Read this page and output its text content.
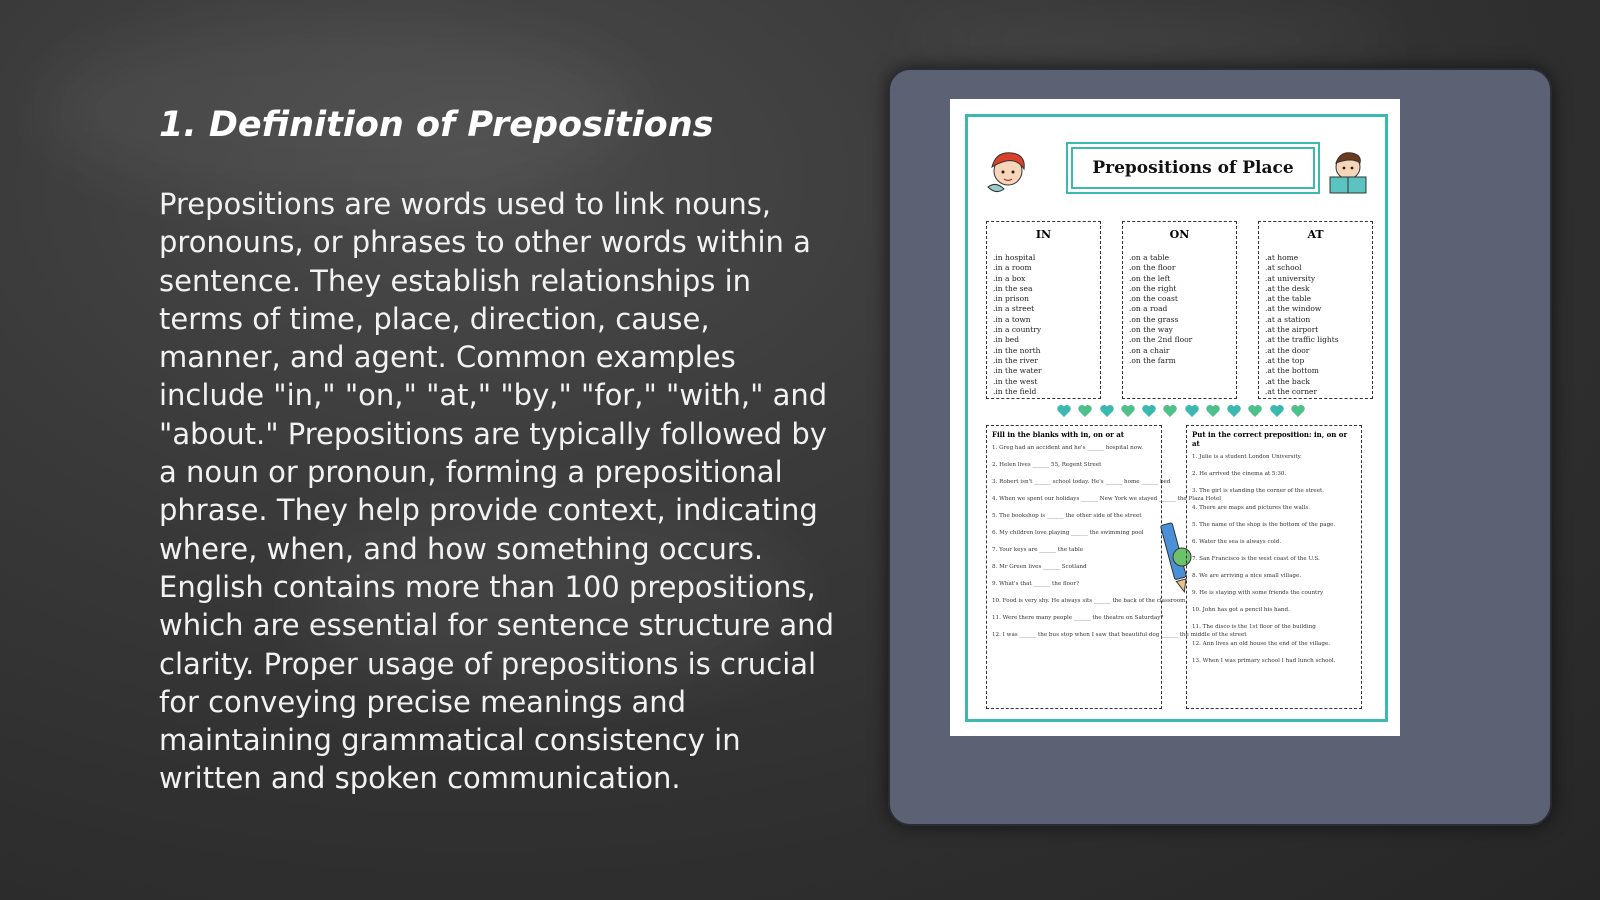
1. Definition of Prepositions

Prepositions are words used to link nouns, pronouns, or phrases to other words within a sentence. They establish relationships in terms of time, place, direction, cause, manner, and agent. Common examples include "in," "on," "at," "by," "for," "with," and "about." Prepositions are typically followed by a noun or pronoun, forming a prepositional phrase. They help provide context, indicating where, when, and how something occurs. English contains more than 100 prepositions, which are essential for sentence structure and clarity. Proper usage of prepositions is crucial for conveying precise meanings and maintaining grammatical consistency in written and spoken communication.

Prepositions of Place
IN
.in hospital
.in a room
.in a box
.in the sea
.in prison
.in a street
.in a town
.in a country
.in bed
.in the north
.in the river
.in the water
.in the west
.in the field
ON
.on a table
.on the floor
.on the left
.on the right
.on the coast
.on a road
.on the grass
.on the way
.on the 2nd floor
.on a chair
.on the farm
AT
.at home
.at school
.at university
.at the desk
.at the table
.at the window
.at a station
.at the airport
.at the traffic lights
.at the door
.at the top
.at the bottom
.at the back
.at the corner
Fill in the blanks with in, on or at
1. Greg had an accident and he's ______ hospital now.
2. Helen lives ______ 55, Regent Street
3. Robert isn't ______ school today. He's ______ home ______ bed
4. When we spent our holidays ______ New York we stayed ______ the Plaza Hotel
5. The bookshop is ______ the other side of the street
6. My children love playing ______ the swimming pool
7. Your keys are ______ the table
8. Mr Green lives ______ Scotland
9. What's that ______ the floor?
10. Food is very shy. He always sits ______ the back of the classroom
11. Were there many people ______ the theatre on Saturday?
12. I was ______ the bus stop when I saw that beautiful dog ______ the middle of the street
Put in the correct preposition: in, on or at
1. Julie is a student London University.
2. He arrived the cinema at 5:30.
3. The girl is standing the corner of the street.
4. There are maps and pictures the walls.
5. The name of the shop is the bottom of the page.
6. Water the sea is always cold.
7. San Francisco is the west coast of the U.S.
8. We are arriving a nice small village.
9. He is staying with some friends the country
10. John has got a pencil his hand.
11. The disco is the 1st floor of the building
12. Ann lives an old house the end of the village.
13. When I was primary school I had lunch school.
